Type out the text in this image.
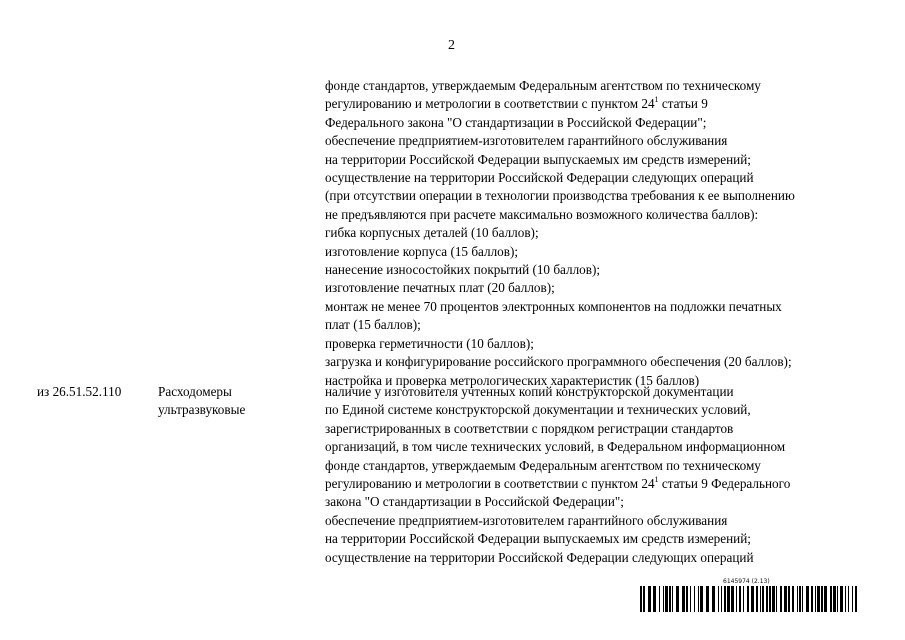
2
фонде стандартов, утверждаемым Федеральным агентством по техническому
регулированию и метрологии в соответствии с пунктом $24^1$ статьи 9
Федерального закона "О стандартизации в Российской Федерации";
обеспечение предприятием-изготовителем гарантийного обслуживания
на территории Российской Федерации выпускаемых им средств измерений;
осуществление на территории Российской Федерации следующих операций
(при отсутствии операции в технологии производства требования к ее выполнению
не предъявляются при расчете максимально возможного количества баллов):
гибка корпусных деталей (10 баллов);
изготовление корпуса (15 баллов);
нанесение износостойких покрытий (10 баллов);
изготовление печатных плат (20 баллов);
монтаж не менее 70 процентов электронных компонентов на подложки печатных
плат (15 баллов);
проверка герметичности (10 баллов);
загрузка и конфигурирование российского программного обеспечения (20 баллов);
настройка и проверка метрологических характеристик (15 баллов)
из 26.51.52.110	Расходомеры
ультразвуковые
наличие у изготовителя учтенных копий конструкторской документации
по Единой системе конструкторской документации и технических условий,
зарегистрированных в соответствии с порядком регистрации стандартов
организаций, в том числе технических условий, в Федеральном информационном
фонде стандартов, утверждаемым Федеральным агентством по техническому
регулированию и метрологии в соответствии с пунктом $24^1$ статьи 9 Федерального
закона "О стандартизации в Российской Федерации";
обеспечение предприятием-изготовителем гарантийного обслуживания
на территории Российской Федерации выпускаемых им средств измерений;
осуществление на территории Российской Федерации следующих операций
6145974 (2.13)
